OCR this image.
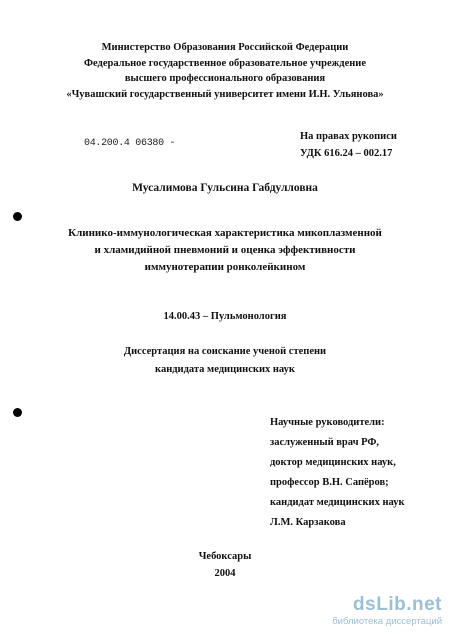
Министерство Образования Российской Федерации
Федеральное государственное образовательное учреждение
высшего профессионального образования
«Чувашский государственный университет имени И.Н. Ульянова»
04.200.4 06380 -
На правах рукописи
УДК 616.24 – 002.17
Мусалимова Гульсина Габдулловна
Клинико-иммунологическая характеристика микоплазменной
и хламидийной пневмоний и оценка эффективности
иммунотерапии ронколейкином
14.00.43 – Пульмонология
Диссертация на соискание ученой степени
кандидата медицинских наук
Научные руководители:
заслуженный врач РФ,
доктор медицинских наук,
профессор В.Н. Сапёров;
кандидат медицинских наук
Л.М. Карзакова
Чебоксары
2004
dsLib.net
библиотека диссертаций
